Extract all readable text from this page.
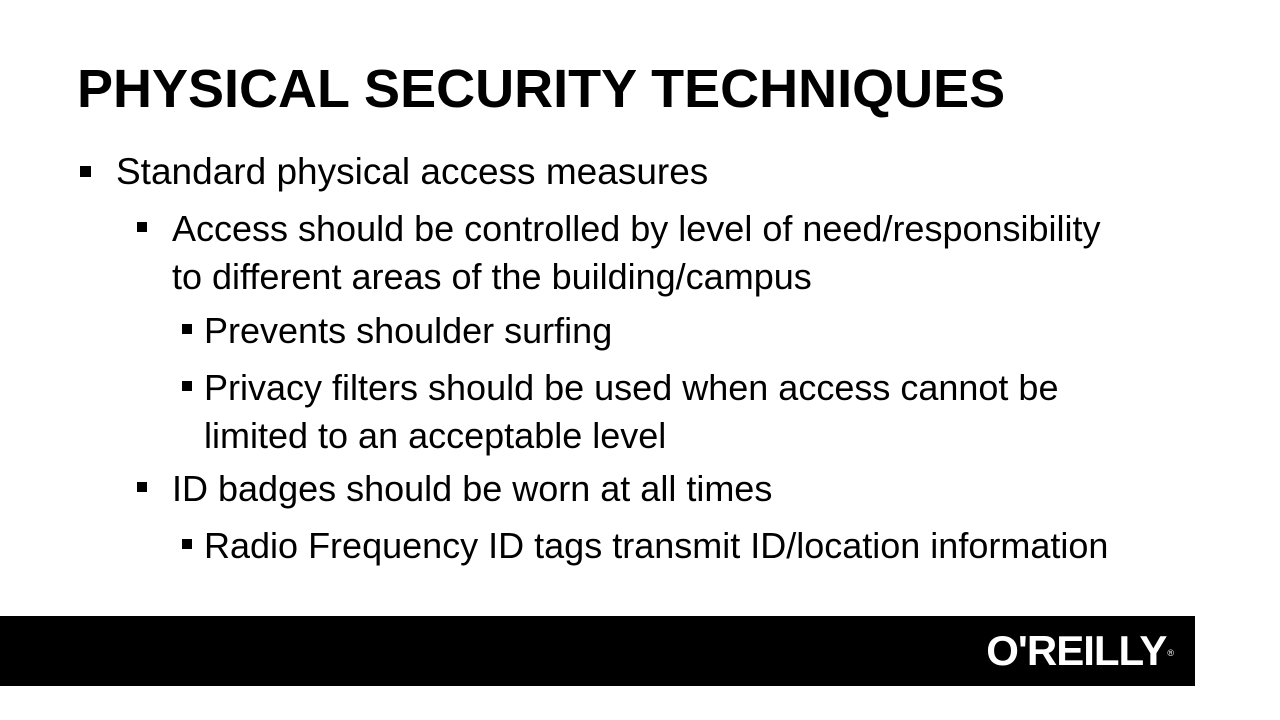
PHYSICAL SECURITY TECHNIQUES
Standard physical access measures
Access should be controlled by level of need/responsibility
to different areas of the building/campus
Prevents shoulder surfing
Privacy filters should be used when access cannot be
limited to an acceptable level
ID badges should be worn at all times
Radio Frequency ID tags transmit ID/location information
O'REILLY®
